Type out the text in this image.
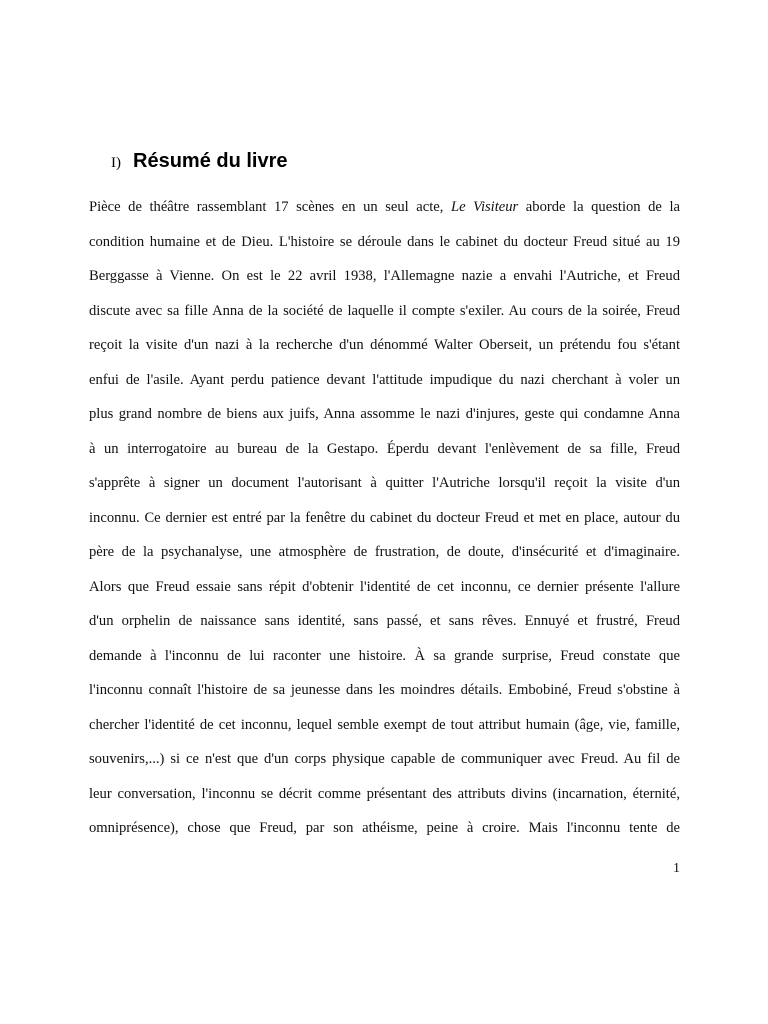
I) Résumé du livre
Pièce de théâtre rassemblant 17 scènes en un seul acte, Le Visiteur aborde la question de la
condition humaine et de Dieu. L'histoire se déroule dans le cabinet du docteur Freud situé au 19
Berggasse à Vienne. On est le 22 avril 1938, l'Allemagne nazie a envahi l'Autriche, et Freud
discute avec sa fille Anna de la société de laquelle il compte s'exiler. Au cours de la soirée, Freud
reçoit la visite d'un nazi à la recherche d'un dénommé Walter Oberseit, un prétendu fou s'étant
enfui de l'asile. Ayant perdu patience devant l'attitude impudique du nazi cherchant à voler un
plus grand nombre de biens aux juifs, Anna assomme le nazi d'injures, geste qui condamne Anna
à un interrogatoire au bureau de la Gestapo. Éperdu devant l'enlèvement de sa fille, Freud
s'apprête à signer un document l'autorisant à quitter l'Autriche lorsqu'il reçoit la visite d'un
inconnu. Ce dernier est entré par la fenêtre du cabinet du docteur Freud et met en place, autour du
père de la psychanalyse, une atmosphère de frustration, de doute, d'insécurité et d'imaginaire.
Alors que Freud essaie sans répit d'obtenir l'identité de cet inconnu, ce dernier présente l'allure
d'un orphelin de naissance sans identité, sans passé, et sans rêves. Ennuyé et frustré, Freud
demande à l'inconnu de lui raconter une histoire. À sa grande surprise, Freud constate que
l'inconnu connaît l'histoire de sa jeunesse dans les moindres détails. Embobiné, Freud s'obstine à
chercher l'identité de cet inconnu, lequel semble exempt de tout attribut humain (âge, vie, famille,
souvenirs,...) si ce n'est que d'un corps physique capable de communiquer avec Freud. Au fil de
leur conversation, l'inconnu se décrit comme présentant des attributs divins (incarnation, éternité,
omniprésence), chose que Freud, par son athéisme, peine à croire. Mais l'inconnu tente de
1
